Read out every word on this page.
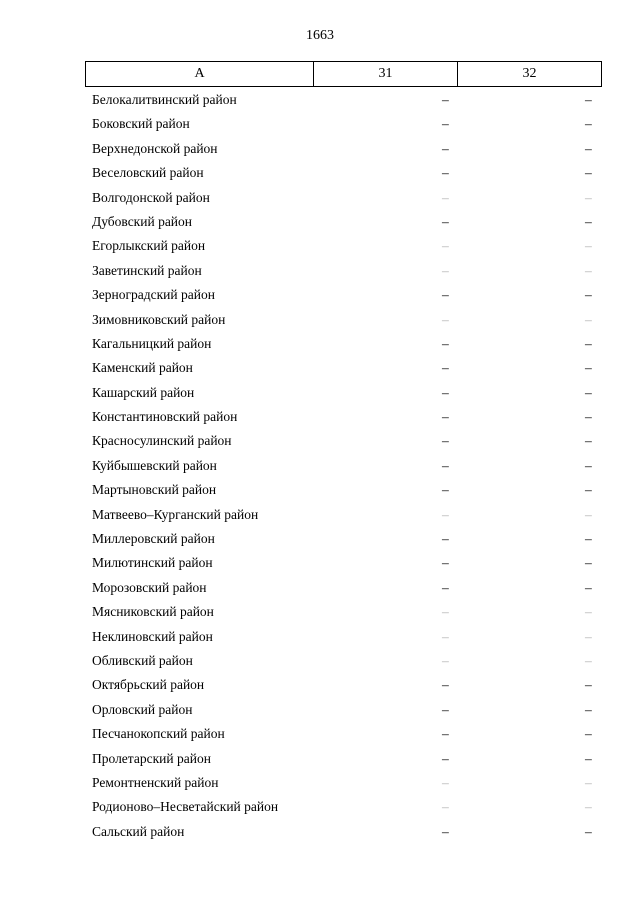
1663
A	31	32
Белокалитвинский район	–	–
Боковский район	–	–
Верхнедонской район	–	–
Веселовский район	–	–
Волгодонской район	–	–
Дубовский район	–	–
Егорлыкский район	–	–
Заветинский район	–	–
Зерноградский район	–	–
Зимовниковский район	–	–
Кагальницкий район	–	–
Каменский район	–	–
Кашарский район	–	–
Константиновский район	–	–
Красносулинский район	–	–
Куйбышевский район	–	–
Мартыновский район	–	–
Матвеево–Курганский район	–	–
Миллеровский район	–	–
Милютинский район	–	–
Морозовский район	–	–
Мясниковский район	–	–
Неклиновский район	–	–
Обливский район	–	–
Октябрьский район	–	–
Орловский район	–	–
Песчанокопский район	–	–
Пролетарский район	–	–
Ремонтненский район	–	–
Родионово–Несветайский район	–	–
Сальский район	–	–
